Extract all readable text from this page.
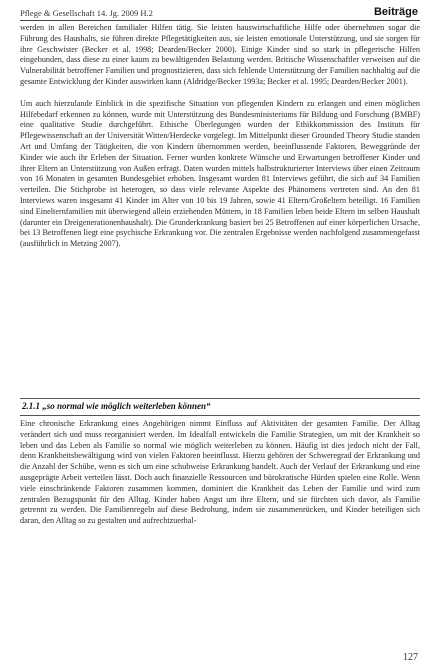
Pflege & Gesellschaft 14. Jg. 2009 H.2	Beiträge

werden in allen Bereichen familialer Hilfen tätig. Sie leisten hauswirtschaftliche Hilfe oder übernehmen sogar die Führung des Haushalts, sie führen direkte Pflegetätigkeiten aus, sie leisten emotionale Unterstützung, und sie sorgen für ihre Geschwister (Becker et al. 1998; Dearden/Becker 2000). Einige Kinder sind so stark in pflegerische Hilfen eingebunden, dass diese zu einer kaum zu bewältigenden Belastung werden. Britische Wissenschaftler verweisen auf die Vulnerabilität betroffener Familien und prognostizieren, dass sich fehlende Unterstützung der Familien nachhaltig auf die gesamte Entwicklung der Kinder auswirken kann (Aldridge/Becker 1993a; Becker et al. 1995; Dearden/Becker 2001).

Um auch hierzulande Einblick in die spezifische Situation von pflegenden Kindern zu erlangen und einen möglichen Hilfebedarf erkennen zu können, wurde mit Unterstützung des Bundesministeriums für Bildung und Forschung (BMBF) eine qualitative Studie durchgeführt. Ethische Überlegungen wurden der Ethikkommission des Instituts für Pflegewissenschaft an der Universität Witten/Herdecke vorgelegt. Im Mittelpunkt dieser Grounded Theory Studie standen Art und Umfang der Tätigkeiten, die von Kindern übernommen werden, beeinflussende Faktoren, Beweggründe der Kinder wie auch ihr Erleben der Situation. Ferner wurden konkrete Wünsche und Erwartungen betroffener Kinder und ihrer Eltern an Unterstützung von Außen erfragt. Daten wurden mittels halbstrukturierter Interviews über einen Zeitraum von 16 Monaten in gesamten Bundesgebiet erhoben. Insgesamt wurden 81 Interviews geführt, die sich auf 34 Familien verteilen. Die Stichprobe ist heterogen, so dass viele relevante Aspekte des Phänomens vertreten sind. An den 81 Interviews waren insgesamt 41 Kinder im Alter von 10 bis 19 Jahren, sowie 41 Eltern/Großeltern beteiligt. 16 Familien sind Einelternfamilien mit überwiegend allein erziehenden Müttern, in 18 Familien leben beide Eltern im selben Haushalt (darunter ein Dreigenerationenhaushalt). Die Grunderkrankung basiert bei 25 Betroffenen auf einer körperlichen Ursache, bei 13 Betroffenen liegt eine psychische Erkrankung vor. Die zentralen Ergebnisse werden nachfolgend zusammengefasst (ausführlich in Metzing 2007).

2.1.1 „so normal wie möglich weiterleben können“

Eine chronische Erkrankung eines Angehörigen nimmt Einfluss auf Aktivitäten der gesamten Familie. Der Alltag verändert sich und muss reorganisiert werden. Im Idealfall entwickeln die Familie Strategien, um mit der Krankheit so leben und das Leben als Familie so normal wie möglich weiterleben zu können. Häufig ist dies jedoch nicht der Fall, denn Krankheitsbewältigung wird von vielen Faktoren beeinflusst. Hierzu gehören der Schweregrad der Erkrankung und die Anzahl der Schübe, wenn es sich um eine schubweise Erkrankung handelt. Auch der Verlauf der Erkrankung und eine ausgeprägte Arbeit verteilen lässt. Doch auch finanzielle Ressourcen und bürokratische Hürden spielen eine Rolle. Wenn viele einschränkende Faktoren zusammen kommen, dominiert die Krankheit das Leben der Familie und wird zum zentralen Bezugspunkt für den Alltag. Kinder haben Angst um ihre Eltern, und sie fürchten sich davor, als Familie getrennt zu werden. Die Familienregeln auf diese Bedrohung, indem sie zusammenrücken, und Kinder beteiligen sich daran, den Alltag so zu gestalten und aufrechtzuerhal-

127
